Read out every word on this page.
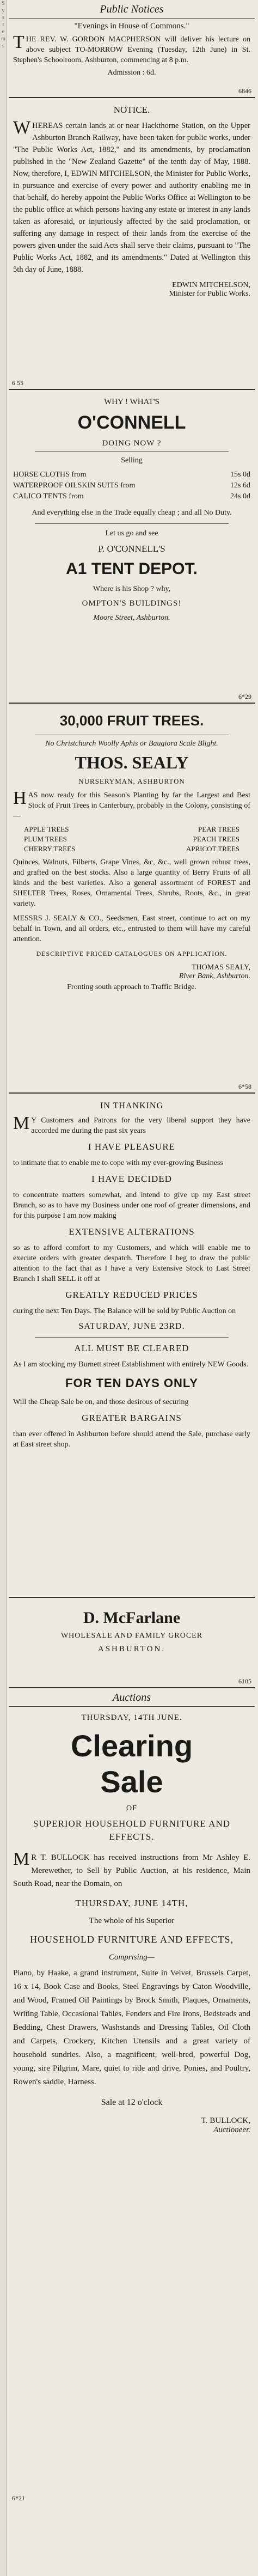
S
y
s
t
e
m
s
Public Notices
"Evenings in House of Commons."

THE REV. W. GORDON MACPHERSON will deliver his lecture on above subject TO-MORROW Evening (Tuesday, 12th June) in St. Stephen's Schoolroom, Ashburton, commencing at 8 p.m.

Admission : 6d.
6846
NOTICE.

WHEREAS certain lands at or near Hackthorne Station, on the Upper Ashburton Branch Railway, have been taken for public works, under "The Public Works Act, 1882," and its amendments, by proclamation published in the "New Zealand Gazette" of the tenth day of May, 1888. Now, therefore, I, EDWIN MITCHELSON, the Minister for Public Works, in pursuance and exercise of every power and authority enabling me in that behalf, do hereby appoint the Public Works Office at Wellington to be the public office at which persons having any estate or interest in any lands taken as aforesaid, or injuriously affected by the said proclamation, or suffering any damage in respect of their lands from the exercise of the powers given under the said Acts shall serve their claims, pursuant to "The Public Works Act, 1882, and its amendments." Dated at Wellington this 5th day of June, 1888.

EDWIN MITCHELSON,
Minister for Public Works.
6 55
WHY ! WHAT'S
O'CONNELL
DOING NOW ?
Selling
HORSE CLOTHS from	15s 0d
WATERPROOF OILSKIN SUITS from	12s 6d
CALICO TENTS from	24s 0d

And everything else in the Trade equally cheap ; and all No Duty.

Let us go and see
P. O'CONNELL'S
A1 TENT DEPOT.
Where is his Shop ? why,
OMPTON'S BUILDINGS!
Moore Street, Ashburton.
6*29
30,000 FRUIT TREES.
No Christchurch Woolly Aphis or Baugiora Scale Blight.
THOS. SEALY
NURSERYMAN, ASHBURTON

HAS now ready for this Season's Planting by far the Largest and Best Stock of Fruit Trees in Canterbury, probably in the Colony, consisting of—

APPLE TREES	PEAR TREES
PLUM TREES	PEACH TREES
CHERRY TREES	APRICOT TREES

Quinces, Walnuts, Filberts, Grape Vines, &c, &c., well grown robust trees, and grafted on the best stocks. Also a large quantity of Berry Fruits of all kinds and the best varieties. Also a general assortment of FOREST and SHELTER Trees, Roses, Ornamental Trees, Shrubs, Roots, &c., in great variety.

MESSRS J. SEALY & CO., Seedsmen, East street, continue to act on my behalf in Town, and all orders, etc., entrusted to them will have my careful attention.

DESCRIPTIVE PRICED CATALOGUES ON APPLICATION.
THOMAS SEALY,
River Bank, Ashburton.
Fronting south approach to Traffic Bridge.
6*58
IN THANKING

MY Customers and Patrons for the very liberal support they have accorded me during the past six years

I HAVE PLEASURE

to intimate that to enable me to cope with my ever-growing Business

I HAVE DECIDED

to concentrate matters somewhat, and intend to give up my East street Branch, so as to have my Business under one roof of greater dimensions, and for this purpose I am now making

EXTENSIVE ALTERATIONS

so as to afford comfort to my Customers, and which will enable me to execute orders with greater despatch. Therefore I beg to draw the public attention to the fact that as I have a very Extensive Stock to Last Street Branch I shall SELL it off at

GREATLY REDUCED PRICES

during the next Ten Days. The Balance will be sold by Public Auction on

SATURDAY, JUNE 23RD.
ALL MUST BE CLEARED

As I am stocking my Burnett street Establishment with entirely NEW Goods.

FOR TEN DAYS ONLY

Will the Cheap Sale be on, and those desirous of securing

GREATER BARGAINS

than ever offered in Ashburton before should attend the Sale, purchase early at East street shop.

D. McFarlane
WHOLESALE AND FAMILY GROCER
ASHBURTON.
6105
Auctions
THURSDAY, 14TH JUNE.
Clearing
Sale
OF
SUPERIOR HOUSEHOLD FURNITURE AND EFFECTS.

MR T. BULLOCK has received instructions from Mr Ashley E. Merewether, to Sell by Public Auction, at his residence, Main South Road, near the Domain, on

THURSDAY, JUNE 14TH,
The whole of his Superior
HOUSEHOLD FURNITURE AND EFFECTS,
Comprising—

Piano, by Haake, a grand instrument, Suite in Velvet, Brussels Carpet, 16 x 14, Book Case and Books, Steel Engravings by Caton Woodville, and Wood, Framed Oil Paintings by Brock Smith, Plaques, Ornaments, Writing Table, Occasional Tables, Fenders and Fire Irons, Bedsteads and Bedding, Chest Drawers, Washstands and Dressing Tables, Oil Cloth and Carpets, Crockery, Kitchen Utensils and a great variety of household sundries. Also, a magnificent, well-bred, powerful Dog, young, sire Pilgrim, Mare, quiet to ride and drive, Ponies, and Poultry, Rowen's saddle, Harness.

Sale at 12 o'clock
T. BULLOCK,
Auctioneer.
6*21
